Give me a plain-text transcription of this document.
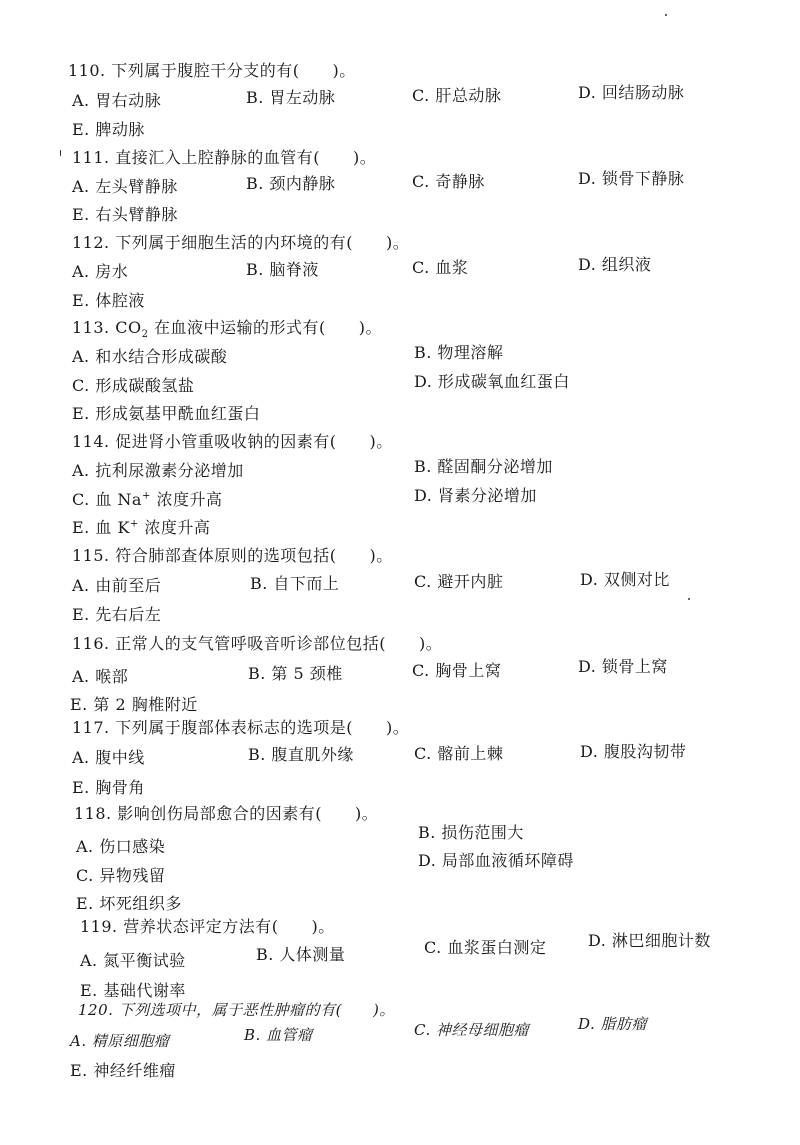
110. 下列属于腹腔干分支的有(　　)。
A. 胃右动脉	B. 胃左动脉	C. 肝总动脉	D. 回结肠动脉
E. 脾动脉
111. 直接汇入上腔静脉的血管有(　　)。
A. 左头臂静脉	B. 颈内静脉	C. 奇静脉	D. 锁骨下静脉
E. 右头臂静脉
112. 下列属于细胞生活的内环境的有(　　)。
A. 房水	B. 脑脊液	C. 血浆	D. 组织液
E. 体腔液
113. $CO_2$ 在血液中运输的形式有(　　)。
A. 和水结合形成碳酸	B. 物理溶解
C. 形成碳酸氢盐	D. 形成碳氧血红蛋白
E. 形成氨基甲酰血红蛋白
114. 促进肾小管重吸收钠的因素有(　　)。
A. 抗利尿激素分泌增加	B. 醛固酮分泌增加
C. 血 Na+ 浓度升高	D. 肾素分泌增加
E. 血 K+ 浓度升高
115. 符合肺部查体原则的选项包括(　　)。
A. 由前至后	B. 自下而上	C. 避开内脏	D. 双侧对比
E. 先右后左
116. 正常人的支气管呼吸音听诊部位包括(　　)。
A. 喉部	B. 第 5 颈椎	C. 胸骨上窝	D. 锁骨上窝
E. 第 2 胸椎附近
117. 下列属于腹部体表标志的选项是(　　)。
A. 腹中线	B. 腹直肌外缘	C. 髂前上棘	D. 腹股沟韧带
E. 胸骨角
118. 影响创伤局部愈合的因素有(　　)。
A. 伤口感染
B. 损伤范围大
C. 异物残留
D. 局部血液循环障碍
E. 坏死组织多
119. 营养状态评定方法有(　　)。
A. 氮平衡试验	B. 人体测量	C. 血浆蛋白测定	D. 淋巴细胞计数
E. 基础代谢率
120. 下列选项中，属于恶性肿瘤的有(　　)。
A. 精原细胞瘤	B. 血管瘤	C. 神经母细胞瘤	D. 脂肪瘤
E. 神经纤维瘤
